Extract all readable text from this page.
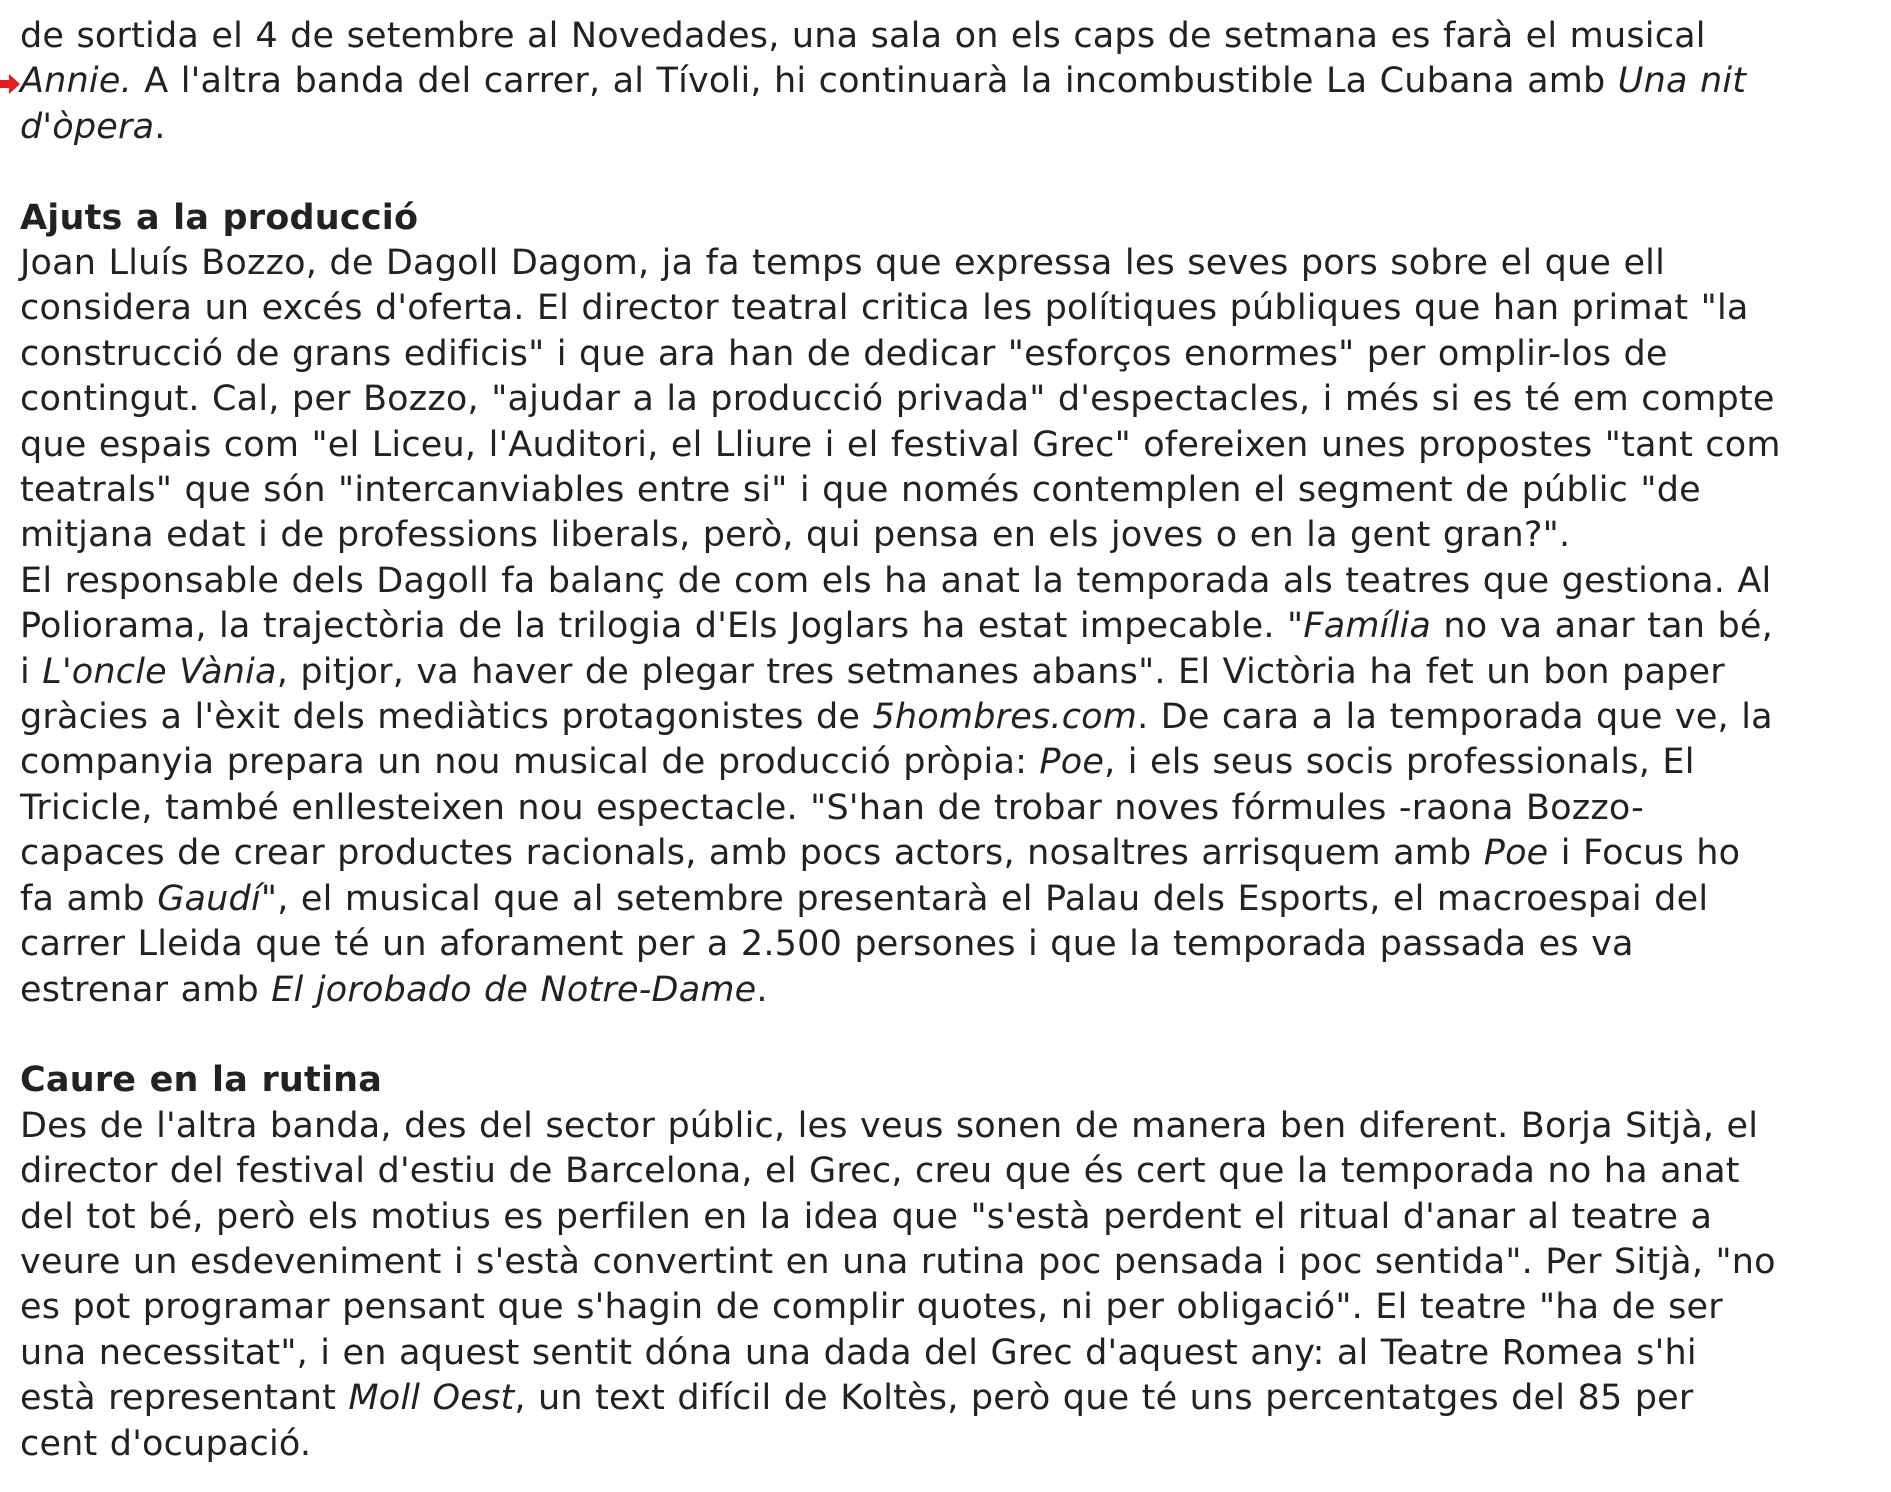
de sortida el 4 de setembre al Novedades, una sala on els caps de setmana es farà el musical
Annie. A l'altra banda del carrer, al Tívoli, hi continuarà la incombustible La Cubana amb Una nit
d'òpera.
Ajuts a la producció
Joan Lluís Bozzo, de Dagoll Dagom, ja fa temps que expressa les seves pors sobre el que ell
considera un excés d'oferta. El director teatral critica les polítiques públiques que han primat "la
construcció de grans edificis" i que ara han de dedicar "esforços enormes" per omplir-los de
contingut. Cal, per Bozzo, "ajudar a la producció privada" d'espectacles, i més si es té em compte
que espais com "el Liceu, l'Auditori, el Lliure i el festival Grec" ofereixen unes propostes "tant com
teatrals" que són "intercanviables entre si" i que només contemplen el segment de públic "de
mitjana edat i de professions liberals, però, qui pensa en els joves o en la gent gran?".
El responsable dels Dagoll fa balanç de com els ha anat la temporada als teatres que gestiona. Al
Poliorama, la trajectòria de la trilogia d'Els Joglars ha estat impecable. "Família no va anar tan bé,
i L'oncle Vània, pitjor, va haver de plegar tres setmanes abans". El Victòria ha fet un bon paper
gràcies a l'èxit dels mediàtics protagonistes de 5hombres.com. De cara a la temporada que ve, la
companyia prepara un nou musical de producció pròpia: Poe, i els seus socis professionals, El
Tricicle, també enllesteixen nou espectacle. "S'han de trobar noves fórmules -raona Bozzo-
capaces de crear productes racionals, amb pocs actors, nosaltres arrisquem amb Poe i Focus ho
fa amb Gaudí", el musical que al setembre presentarà el Palau dels Esports, el macroespai del
carrer Lleida que té un aforament per a 2.500 persones i que la temporada passada es va
estrenar amb El jorobado de Notre-Dame.
Caure en la rutina
Des de l'altra banda, des del sector públic, les veus sonen de manera ben diferent. Borja Sitjà, el
director del festival d'estiu de Barcelona, el Grec, creu que és cert que la temporada no ha anat
del tot bé, però els motius es perfilen en la idea que "s'està perdent el ritual d'anar al teatre a
veure un esdeveniment i s'està convertint en una rutina poc pensada i poc sentida". Per Sitjà, "no
es pot programar pensant que s'hagin de complir quotes, ni per obligació". El teatre "ha de ser
una necessitat", i en aquest sentit dóna una dada del Grec d'aquest any: al Teatre Romea s'hi
està representant Moll Oest, un text difícil de Koltès, però que té uns percentatges del 85 per
cent d'ocupació.
